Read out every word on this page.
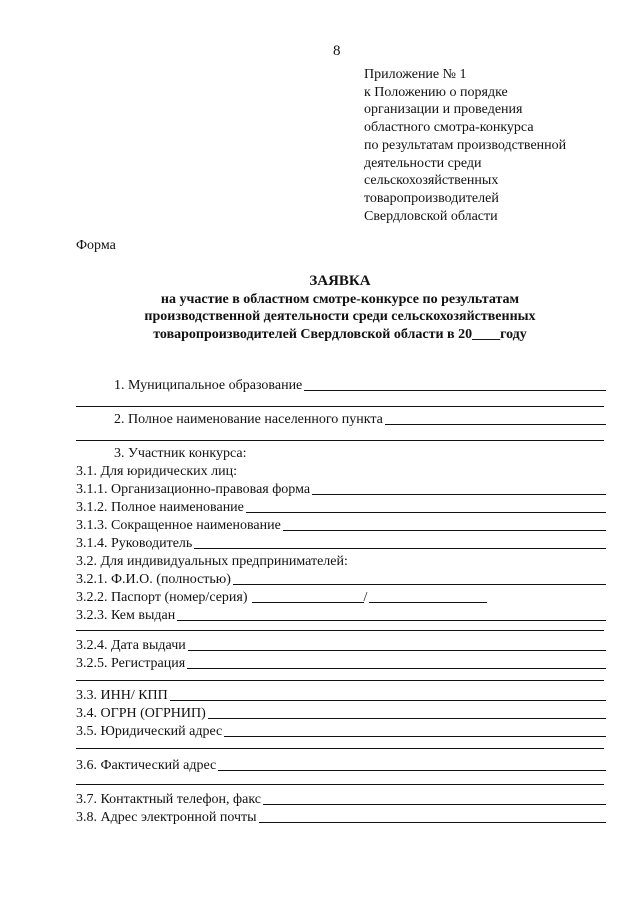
8
Приложение № 1
к Положению о порядке
организации и проведения
областного смотра-конкурса
по результатам производственной
деятельности среди
сельскохозяйственных
товаропроизводителей
Свердловской области
Форма
ЗАЯВКА
на участие в областном смотре-конкурсе по результатам
производственной деятельности среди сельскохозяйственных
товаропроизводителей Свердловской области в 20____году
1. Муниципальное образование
2. Полное наименование населенного пункта
3. Участник конкурса:
3.1. Для юридических лиц:
3.1.1. Организационно-правовая форма
3.1.2. Полное наименование
3.1.3. Сокращенное наименование
3.1.4. Руководитель
3.2. Для индивидуальных предпринимателей:
3.2.1. Ф.И.О. (полностью)
3.2.2. Паспорт (номер/серия)	/
3.2.3. Кем выдан
3.2.4. Дата выдачи
3.2.5. Регистрация
3.3. ИНН/ КПП
3.4. ОГРН (ОГРНИП)
3.5. Юридический адрес
3.6. Фактический адрес
3.7. Контактный телефон, факс
3.8. Адрес электронной почты
